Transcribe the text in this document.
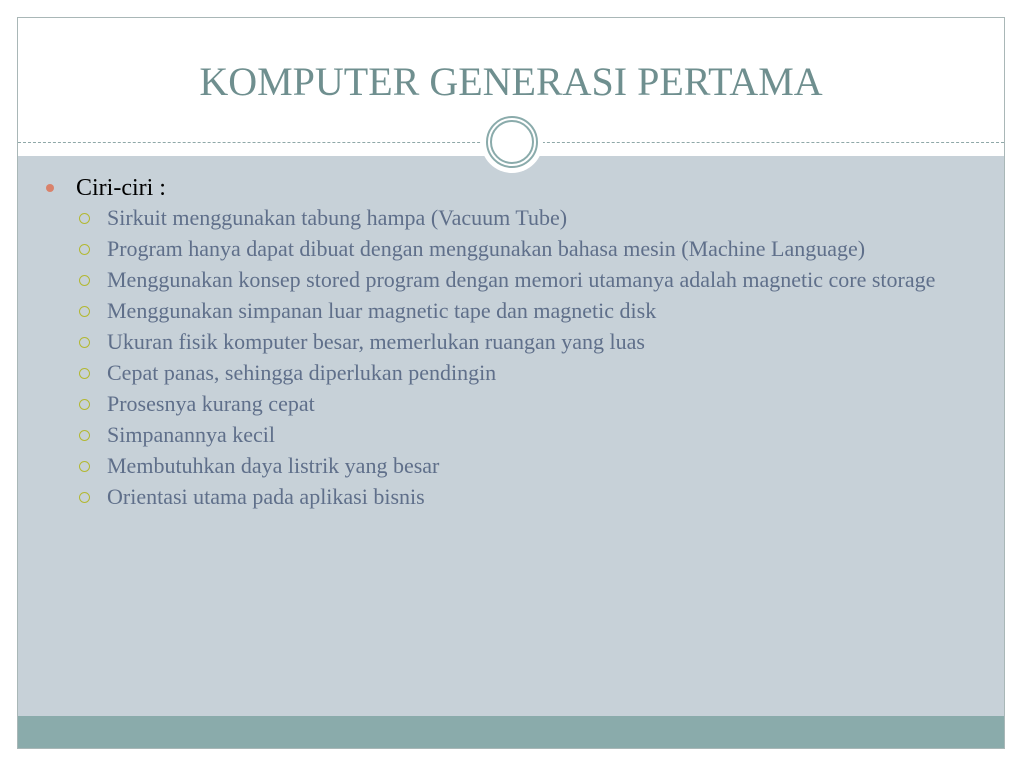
KOMPUTER GENERASI PERTAMA
Ciri-ciri :
Sirkuit menggunakan tabung hampa (Vacuum Tube)
Program hanya dapat dibuat dengan menggunakan bahasa mesin (Machine Language)
Menggunakan konsep stored program dengan memori utamanya adalah magnetic core storage
Menggunakan simpanan luar magnetic tape dan magnetic disk
Ukuran fisik komputer besar, memerlukan ruangan yang luas
Cepat panas, sehingga diperlukan pendingin
Prosesnya kurang cepat
Simpanannya kecil
Membutuhkan daya listrik yang besar
Orientasi utama pada aplikasi bisnis
